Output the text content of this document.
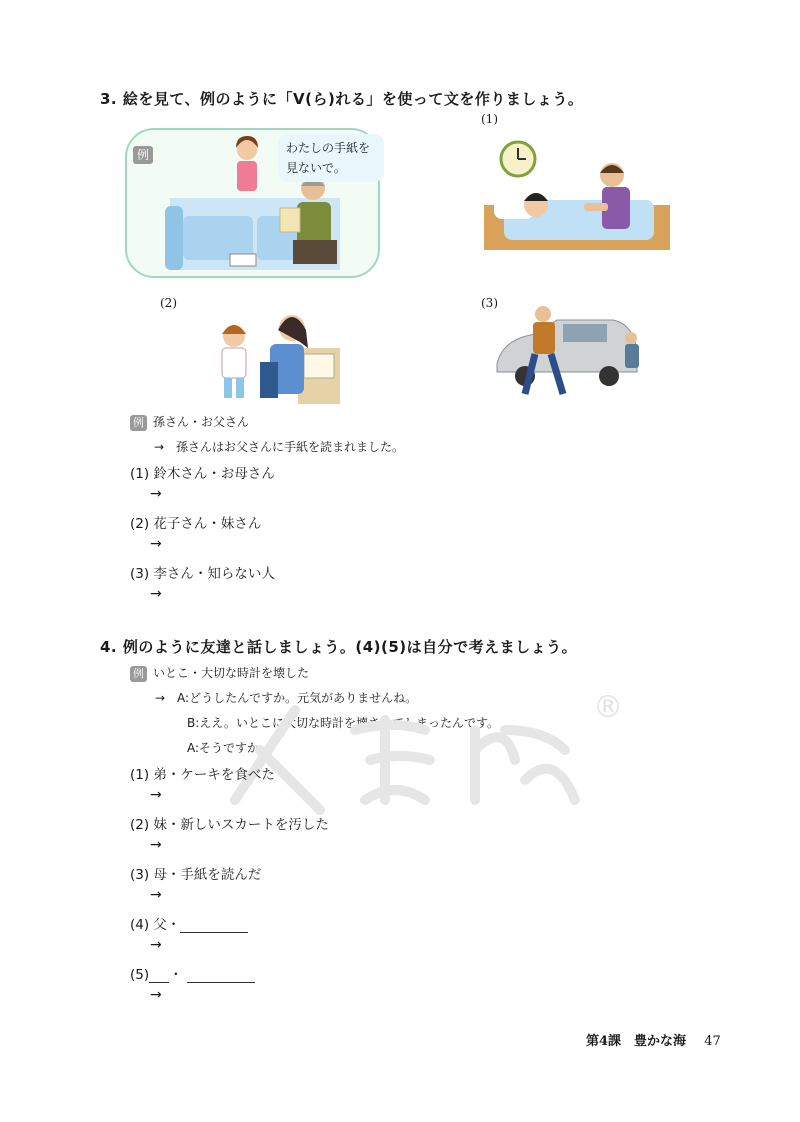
3. 絵を見て、例のように「V(ら)れる」を使って文を作りましょう。
例	わたしの手紙を見ないで。
(1)
(2)	(3)
例 孫さん・お父さん
→　孫さんはお父さんに手紙を読まれました。
(1) 鈴木さん・お母さん
→
(2) 花子さん・妹さん
→
(3) 李さん・知らない人
→
4. 例のように友達と話しましょう。(4)(5)は自分で考えましょう。
例 いとこ・大切な時計を壊した
→　A:どうしたんですか。元気がありませんね。
B:ええ。いとこに大切な時計を壊されてしまったんです。
A:そうですか。
®
(1) 弟・ケーキを食べた
→
(2) 妹・新しいスカートを汚した
→
(3) 母・手紙を読んだ
→
(4) 父・
→
(5) ・
→
第4課　豊かな海 47
